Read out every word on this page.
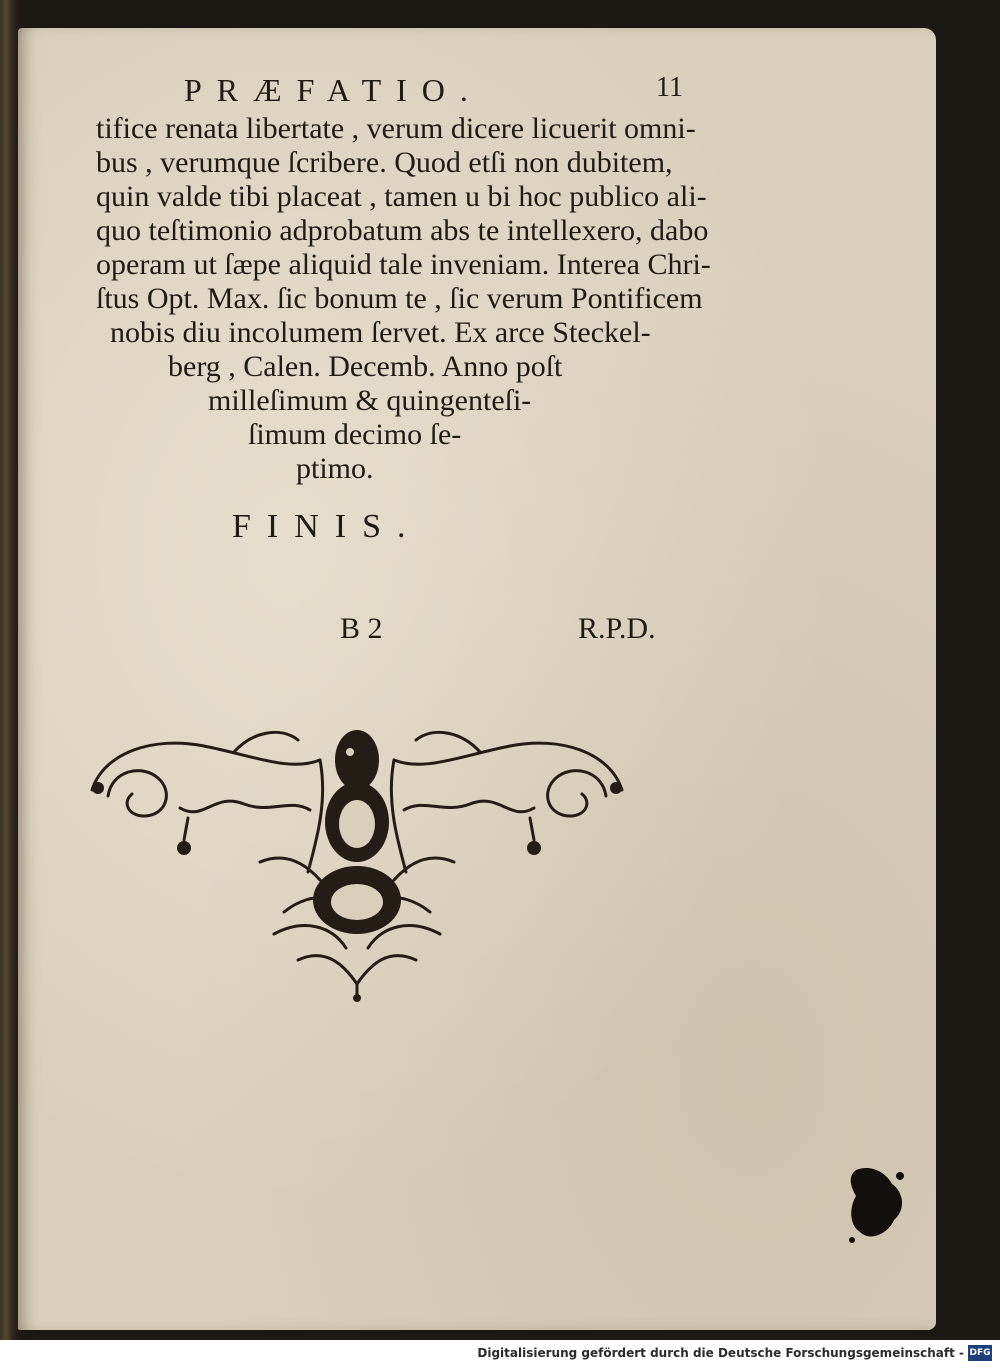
PRÆFATIO.	11
tifice renata libertate , verum dicere licuerit omni-
bus , verumque ſcribere. Quod etſi non dubitem,
quin valde tibi placeat , tamen u bi hoc publico ali-
quo teſtimonio adprobatum abs te intellexero, dabo
operam ut ſæpe aliquid tale inveniam. Interea Chri-
ſtus Opt. Max. ſic bonum te , ſic verum Pontificem
nobis diu incolumem ſervet. Ex arce Steckel-
berg , Calen. Decemb. Anno poſt
milleſimum & quingenteſi-
ſimum decimo ſe-
ptimo.
FINIS.
B 2	R.P.D.
Digitalisierung gefördert durch die Deutsche Forschungsgemeinschaft - DFG
